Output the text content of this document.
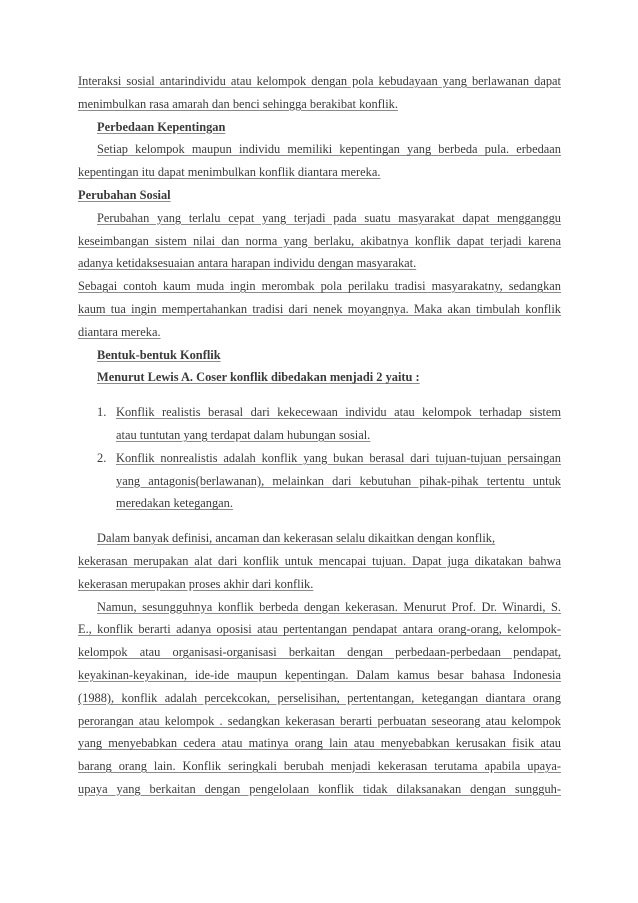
Interaksi sosial antarindividu atau kelompok dengan pola kebudayaan yang berlawanan dapat
menimbulkan rasa amarah dan benci sehingga berakibat konflik.
Perbedaan Kepentingan
Setiap kelompok maupun individu memiliki kepentingan yang berbeda pula. erbedaan
kepentingan itu dapat menimbulkan konflik diantara mereka.
Perubahan Sosial
Perubahan yang terlalu cepat yang terjadi pada suatu masyarakat dapat mengganggu
keseimbangan sistem nilai dan norma yang berlaku, akibatnya konflik dapat terjadi karena
adanya ketidaksesuaian antara harapan individu dengan masyarakat.
Sebagai contoh kaum muda ingin merombak pola perilaku tradisi masyarakatny, sedangkan
kaum tua ingin mempertahankan tradisi dari nenek moyangnya. Maka akan timbulah konflik
diantara mereka.
Bentuk-bentuk Konflik
Menurut Lewis A. Coser konflik dibedakan menjadi 2 yaitu :
1. Konflik realistis berasal dari kekecewaan individu atau kelompok terhadap sistem
atau tuntutan yang terdapat dalam hubungan sosial.
2. Konflik nonrealistis adalah konflik yang bukan berasal dari tujuan-tujuan persaingan
yang antagonis(berlawanan), melainkan dari kebutuhan pihak-pihak tertentu untuk
meredakan ketegangan.
Dalam banyak definisi, ancaman dan kekerasan selalu dikaitkan dengan konflik,
kekerasan merupakan alat dari konflik untuk mencapai tujuan. Dapat juga dikatakan bahwa
kekerasan merupakan proses akhir dari konflik.
Namun, sesungguhnya konflik berbeda dengan kekerasan. Menurut Prof. Dr. Winardi, S.
E., konflik berarti adanya oposisi atau pertentangan pendapat antara orang-orang, kelompok-
kelompok atau organisasi-organisasi berkaitan dengan perbedaan-perbedaan pendapat,
keyakinan-keyakinan, ide-ide maupun kepentingan. Dalam kamus besar bahasa Indonesia
(1988), konflik adalah percekcokan, perselisihan, pertentangan, ketegangan diantara orang
perorangan atau kelompok . sedangkan kekerasan berarti perbuatan seseorang atau kelompok
yang menyebabkan cedera atau matinya orang lain atau menyebabkan kerusakan fisik atau
barang orang lain. Konflik seringkali berubah menjadi kekerasan terutama apabila upaya-
upaya yang berkaitan dengan pengelolaan konflik tidak dilaksanakan dengan sungguh-
